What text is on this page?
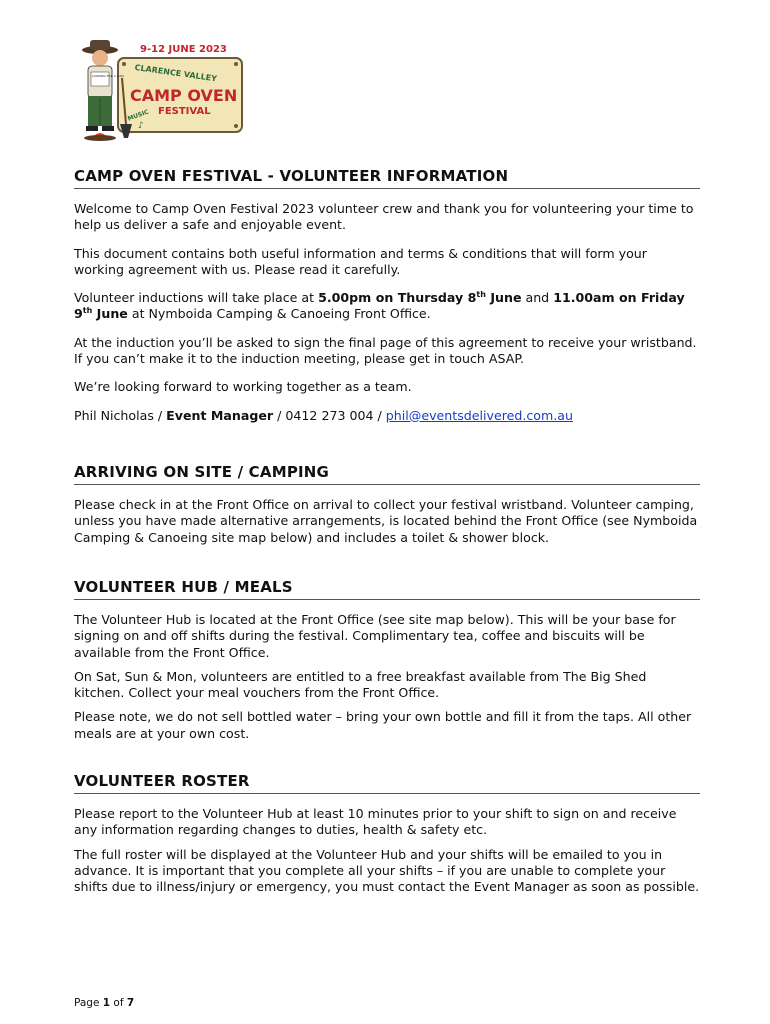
9-12 JUNE 2023
CLARENCE VALLEY
CAMP OVEN
MUSIC FESTIVAL
♪
LOOKING FOR A MAN
CAMP OVEN FESTIVAL - VOLUNTEER INFORMATION

Welcome to Camp Oven Festival 2023 volunteer crew and thank you for volunteering your time to help us deliver a safe and enjoyable event.

This document contains both useful information and terms & conditions that will form your working agreement with us. Please read it carefully.

Volunteer inductions will take place at 5.00pm on Thursday 8th June and 11.00am on Friday 9th June at Nymboida Camping & Canoeing Front Office.

At the induction you’ll be asked to sign the final page of this agreement to receive your wristband. If you can’t make it to the induction meeting, please get in touch ASAP.

We’re looking forward to working together as a team.

Phil Nicholas / Event Manager / 0412 273 004 / phil@eventsdelivered.com.au

ARRIVING ON SITE / CAMPING

Please check in at the Front Office on arrival to collect your festival wristband. Volunteer camping, unless you have made alternative arrangements, is located behind the Front Office (see Nymboida Camping & Canoeing site map below) and includes a toilet & shower block.

VOLUNTEER HUB / MEALS

The Volunteer Hub is located at the Front Office (see site map below). This will be your base for signing on and off shifts during the festival. Complimentary tea, coffee and biscuits will be available from the Front Office.

On Sat, Sun & Mon, volunteers are entitled to a free breakfast available from The Big Shed kitchen. Collect your meal vouchers from the Front Office.

Please note, we do not sell bottled water – bring your own bottle and fill it from the taps. All other meals are at your own cost.

VOLUNTEER ROSTER

Please report to the Volunteer Hub at least 10 minutes prior to your shift to sign on and receive any information regarding changes to duties, health & safety etc.

The full roster will be displayed at the Volunteer Hub and your shifts will be emailed to you in advance. It is important that you complete all your shifts – if you are unable to complete your shifts due to illness/injury or emergency, you must contact the Event Manager as soon as possible.

Page 1 of 7
